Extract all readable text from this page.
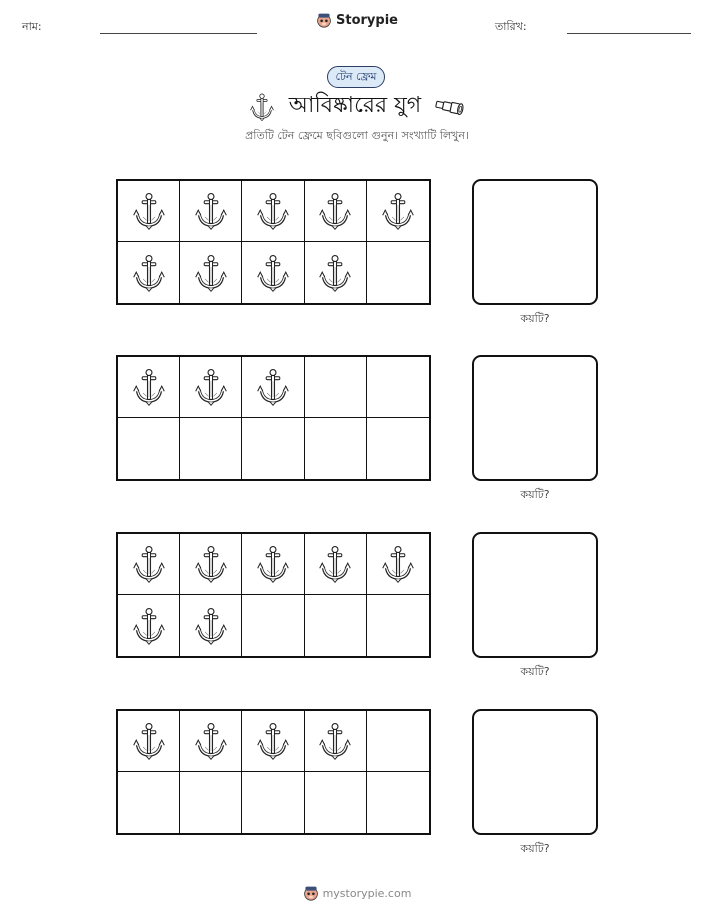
নাম:	Storypie	তারিখ:
টেন ফ্রেম
আবিষ্কারের যুগ
প্রতিটি টেন ফ্রেমে ছবিগুলো গুনুন। সংখ্যাটি লিখুন।
কয়টি?
কয়টি?
কয়টি?
কয়টি?
mystorypie.com
